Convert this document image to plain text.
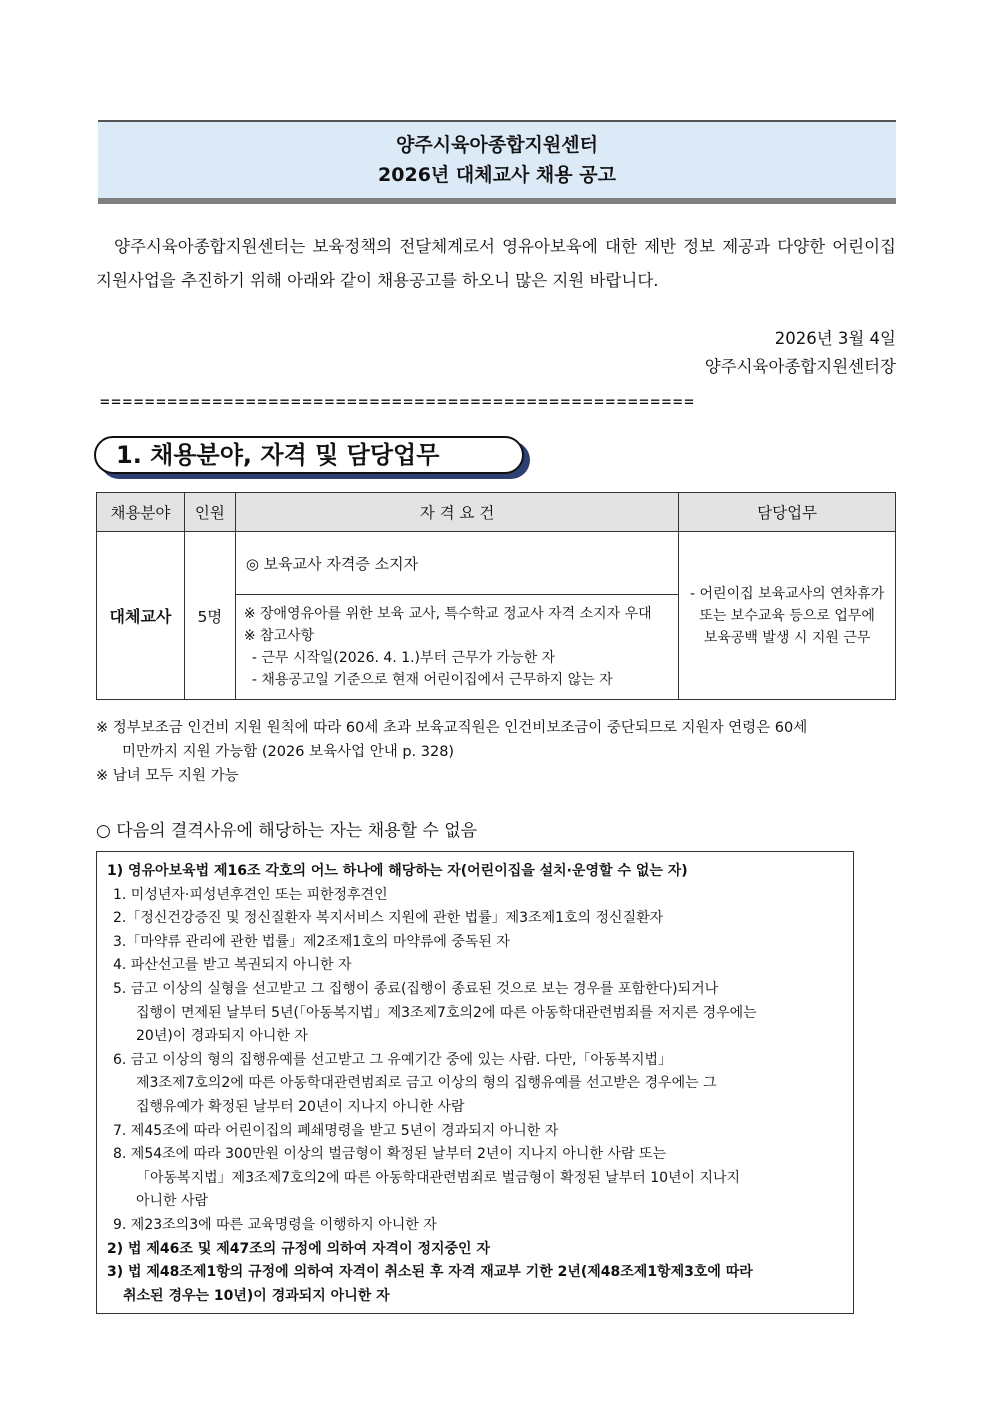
양주시육아종합지원센터
2026년 대체교사 채용 공고
양주시육아종합지원센터는 보육정책의 전달체계로서 영유아보육에 대한 제반 정보 제공과 다양한 어린이집 지원사업을 추진하기 위해 아래와 같이 채용공고를 하오니 많은 지원 바랍니다.
2026년 3월 4일
양주시육아종합지원센터장
=====================================================
1. 채용분야, 자격 및 담당업무
채용분야	인원	자 격 요 건	담당업무
대체교사	5명	◎ 보육교사 자격증 소지자	- 어린이집 보육교사의 연차휴가
또는 보수교육 등으로 업무에
보육공백 발생 시 지원 근무

		※ 장애영유아를 위한 보육 교사, 특수학교 정교사 자격 소지자 우대
※ 참고사항
- 근무 시작일(2026. 4. 1.)부터 근무가 가능한 자
- 채용공고일 기준으로 현재 어린이집에서 근무하지 않는 자	
※ 정부보조금 인건비 지원 원칙에 따라 60세 초과 보육교직원은 인건비보조금이 중단되므로 지원자 연령은 60세
미만까지 지원 가능함 (2026 보육사업 안내 p. 328)
※ 남녀 모두 지원 가능
○ 다음의 결격사유에 해당하는 자는 채용할 수 없음
1) 영유아보육법 제16조 각호의 어느 하나에 해당하는 자(어린이집을 설치·운영할 수 없는 자)
1. 미성년자·피성년후견인 또는 피한정후견인
2.「정신건강증진 및 정신질환자 복지서비스 지원에 관한 법률」제3조제1호의 정신질환자
3.「마약류 관리에 관한 법률」제2조제1호의 마약류에 중독된 자
4. 파산선고를 받고 복권되지 아니한 자
5. 금고 이상의 실형을 선고받고 그 집행이 종료(집행이 종료된 것으로 보는 경우를 포함한다)되거나
집행이 면제된 날부터 5년(「아동복지법」제3조제7호의2에 따른 아동학대관련범죄를 저지른 경우에는
20년)이 경과되지 아니한 자
6. 금고 이상의 형의 집행유예를 선고받고 그 유예기간 중에 있는 사람. 다만,「아동복지법」
제3조제7호의2에 따른 아동학대관련범죄로 금고 이상의 형의 집행유예를 선고받은 경우에는 그
집행유예가 확정된 날부터 20년이 지나지 아니한 사람
7. 제45조에 따라 어린이집의 폐쇄명령을 받고 5년이 경과되지 아니한 자
8. 제54조에 따라 300만원 이상의 벌금형이 확정된 날부터 2년이 지나지 아니한 사람 또는
「아동복지법」제3조제7호의2에 따른 아동학대관련범죄로 벌금형이 확정된 날부터 10년이 지나지
아니한 사람
9. 제23조의3에 따른 교육명령을 이행하지 아니한 자
2) 법 제46조 및 제47조의 규정에 의하여 자격이 정지중인 자
3) 법 제48조제1항의 규정에 의하여 자격이 취소된 후 자격 재교부 기한 2년(제48조제1항제3호에 따라
취소된 경우는 10년)이 경과되지 아니한 자
